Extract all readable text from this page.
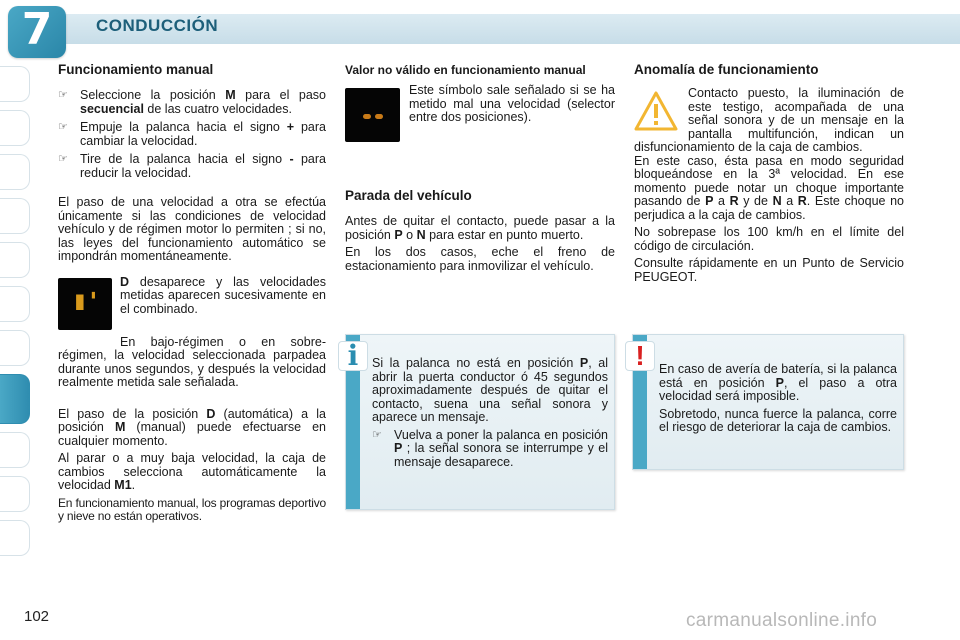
7	CONDUCCIÓN
Funcionamiento manual
☞ Seleccione la posición M para el paso secuencial de las cuatro velocidades.
☞ Empuje la palanca hacia el signo + para cambiar la velocidad.
☞ Tire de la palanca hacia el signo - para reducir la velocidad.
El paso de una velocidad a otra se efectúa únicamente si las condiciones de velocidad vehículo y de régimen motor lo permiten ; si no, las leyes del funcionamiento automático se impondrán momentáneamente.
▮ ▮
D desaparece y las velocidades metidas aparecen sucesivamente en el combinado.
En bajo-régimen o en sobre-régimen, la velocidad seleccionada parpadea durante unos segundos, y después la velocidad realmente metida sale señalada.
El paso de la posición D (automática) a la posición M (manual) puede efectuarse en cualquier momento.
Al parar o a muy baja velocidad, la caja de cambios selecciona automáticamente la velocidad M1.
En funcionamiento manual, los programas deportivo y nieve no están operativos.
Valor no válido en funcionamiento manual
Este símbolo sale señalado si se ha metido mal una velocidad (selector entre dos posiciones).
Parada del vehículo
Antes de quitar el contacto, puede pasar a la posición P o N para estar en punto muerto.
En los dos casos, eche el freno de estacionamiento para inmovilizar el vehículo.
Anomalía de funcionamiento
Contacto puesto, la iluminación de este testigo, acompañada de una señal sonora y de un mensaje en la pantalla multifunción, indican un disfuncionamiento de la caja de cambios.
En este caso, ésta pasa en modo seguridad bloqueándose en la 3ª velocidad. En ese momento puede notar un choque importante pasando de P a R y de N a R. Este choque no perjudica a la caja de cambios.
No sobrepase los 100 km/h en el límite del código de circulación.
Consulte rápidamente en un Punto de Servicio PEUGEOT.
i Si la palanca no está en posición P, al abrir la puerta conductor ó 45 segundos aproximadamente después de quitar el contacto, suena una señal sonora y aparece un mensaje.
☞ Vuelva a poner la palanca en posición P ; la señal sonora se interrumpe y el mensaje desaparece.
! En caso de avería de batería, si la palanca está en posición P, el paso a otra velocidad será imposible.
Sobretodo, nunca fuerce la palanca, corre el riesgo de deteriorar la caja de cambios.
102	carmanualsonline.info
